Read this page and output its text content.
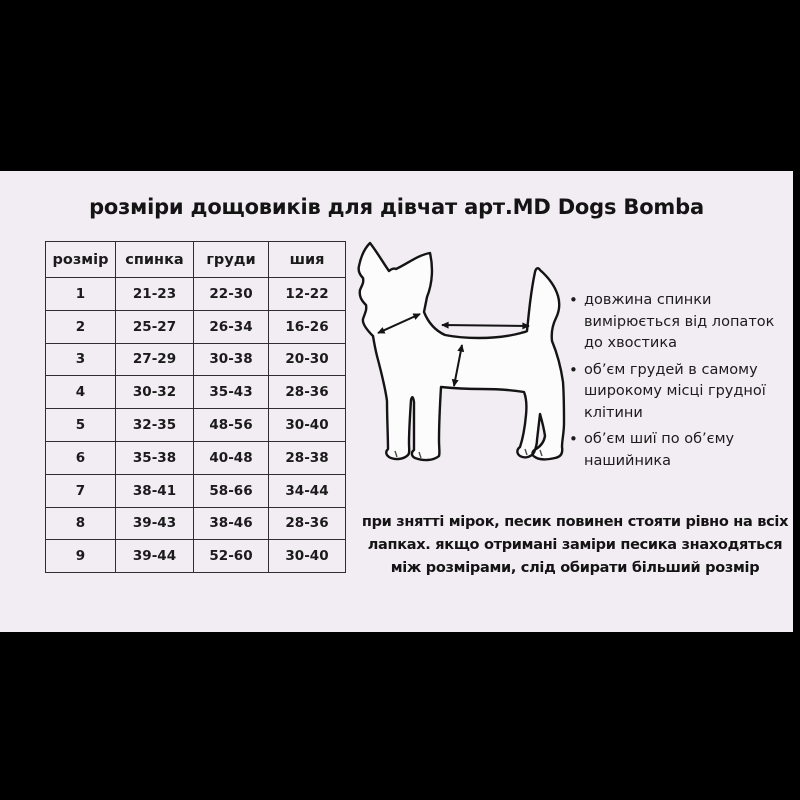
розміри дощовиків для дівчат арт.MD Dogs Bomba
розмір	спинка	груди	шия
1	21-23	22-30	12-22
2	25-27	26-34	16-26
3	27-29	30-38	20-30
4	30-32	35-43	28-36
5	32-35	48-56	30-40
6	35-38	40-48	28-38
7	38-41	58-66	34-44
8	39-43	38-46	28-36
9	39-44	52-60	30-40
• довжина спинки вимірюється від лопаток до хвостика
• об’єм грудей в самому широкому місці грудної клітини
• об’єм шиї по об’єму нашийника
при знятті мірок, песик повинен стояти рівно на всіх
лапках. якщо отримані заміри песика знаходяться
між розмірами, слід обирати більший розмір
